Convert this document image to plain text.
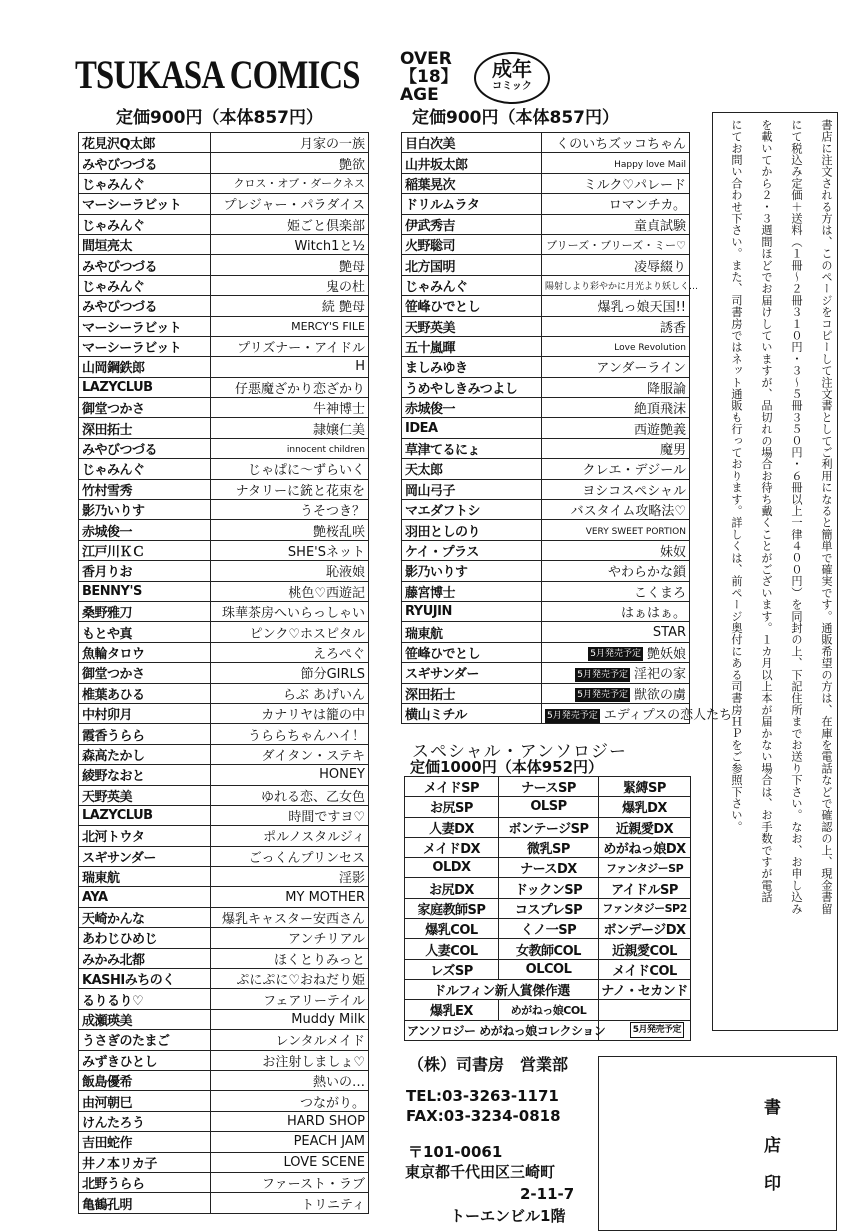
TSUKASA COMICS
定価900円（本体857円）
OVER
【18】
AGE
成年
コミック
定価900円（本体857円）
花見沢Q太郎	月家の一族
みやびつづる	艶欲
じゃみんぐ	クロス・オブ・ダークネス
マーシーラビット	プレジャー・パラダイス
じゃみんぐ	姫ごと倶楽部
間垣亮太	Witch1と½
みやびつづる	艶母
じゃみんぐ	鬼の杜
みやびつづる	続 艶母
マーシーラビット	MERCY'S FILE
マーシーラビット	プリズナー・アイドル
山岡鋼鉄郎	H
LAZYCLUB	仔悪魔ざかり恋ざかり
御堂つかさ	牛神博士
深田拓士	隷嬢仁美
みやびつづる	innocent children
じゃみんぐ	じゃぱに〜ずらいく
竹村雪秀	ナタリーに銃と花束を
影乃いりす	うそつき？
赤城俊一	艶桜乱咲
江戸川ＫＣ	SHE'Sネット
香月りお	恥液娘
BENNY'S	桃色♡西遊記
桑野雅刀	珠華茶房へいらっしゃい
もとや真	ピンク♡ホスピタル
魚輪タロウ	えろぺぐ
御堂つかさ	節分GIRLS
椎葉あひる	らぶ あげいん
中村卯月	カナリヤは籠の中
霞香うらら	うららちゃんハイ！
森高たかし	ダイタン・ステキ
綾野なおと	HONEY
天野英美	ゆれる恋、乙女色
LAZYCLUB	時間ですヨ♡
北河トウタ	ポルノスタルジィ
スギサンダー	ごっくんプリンセス
瑞東航	淫影
AYA	MY MOTHER
天崎かんな	爆乳キャスター安西さん
あわじひめじ	アンチリアル
みかみ北都	ほくとりみっと
KASHIみちのく	ぷにぷに♡おねだり姫
るりるり♡	フェアリーテイル
成瀬瑛美	Muddy Milk
うさぎのたまご	レンタルメイド
みずきひとし	お注射しましょ♡
飯島優希	熱いの…
由河朝巳	つながり。
けんたろう	HARD SHOP
吉田蛇作	PEACH JAM
井ノ本リカ子	LOVE SCENE
北野うらら	ファースト・ラブ
亀鶴孔明	トリニティ
目白次美	くのいちズッコちゃん
山井坂太郎	Happy love Mail
稲葉晃次	ミルク♡パレード
ドリルムラタ	ロマンチカ。
伊武秀吉	童貞試験
火野聡司	ブリーズ・ブリーズ・ミー♡
北方国明	凌辱綴り
じゃみんぐ	陽射しより彩やかに月光より妖しく…
笹峰ひでとし	爆乳っ娘天国!!
天野英美	誘香
五十嵐暉	Love Revolution
ましみゆき	アンダーライン
うめやしきみつよし	降服論
赤城俊一	絶頂飛沫
IDEA	西遊艶義
草津てるにょ	魔男
天太郎	クレエ・デジール
岡山弓子	ヨシコスペシャル
マエダフトシ	バスタイム攻略法♡
羽田としのり	VERY SWEET PORTION
ケイ・プラス	妹奴
影乃いりす	やわらかな鎖
藤宮博士	こくまろ
RYUJIN	はぁはぁ。
瑞東航	STAR
笹峰ひでとし	5月発売予定 艶妖娘
スギサンダー	5月発売予定 淫祀の家
深田拓士	5月発売予定 獣欲の虜
横山ミチル	5月発売予定 エディプスの恋人たち
スペシャル・アンソロジー
定価1000円（本体952円）
メイドSP	ナースSP	緊縛SP
お尻SP	OLSP	爆乳DX
人妻DX	ボンテージSP	近親愛DX
メイドDX	微乳SP	めがねっ娘DX
OLDX	ナースDX	ファンタジーSP
お尻DX	ドックンSP	アイドルSP
家庭教師SP	コスプレSP	ファンタジーSP2
爆乳COL	くノ一SP	ボンデージDX
人妻COL	女教師COL	近親愛COL
レズSP	OLCOL	メイドCOL
ドルフィン新人賞傑作選		ナノ・セカンド
爆乳EX	めがねっ娘COL	
アンソロジー めがねっ娘コレクション		5月発売予定
書店に注文される方は、このページをコピーして注文書としてご利用になると簡単で確実です。通販希望の方は、在庫を電話などで確認の上、現金書留
にて税込み定価＋送料（１冊〜２冊３１０円・３〜５冊３５０円・６冊以上一律４００円）を同封の上、下記住所までお送り下さい。なお、お申し込み
を載いてから２・３週間ほどでお届けしていますが、品切れの場合お待ち戴くことがございます。１カ月以上本が届かない場合は、お手数ですが電話
にてお問い合わせ下さい。また、司書房ではネット通販も行っております。詳しくは、前ページ奥付にある司書房ＨＰをご参照下さい。
（株）司書房　営業部
TEL:03-3263-1171
FAX:03-3234-0818
〒101-0061
東京都千代田区三崎町
2-11-7
トーエンビル1階
書
店
印
